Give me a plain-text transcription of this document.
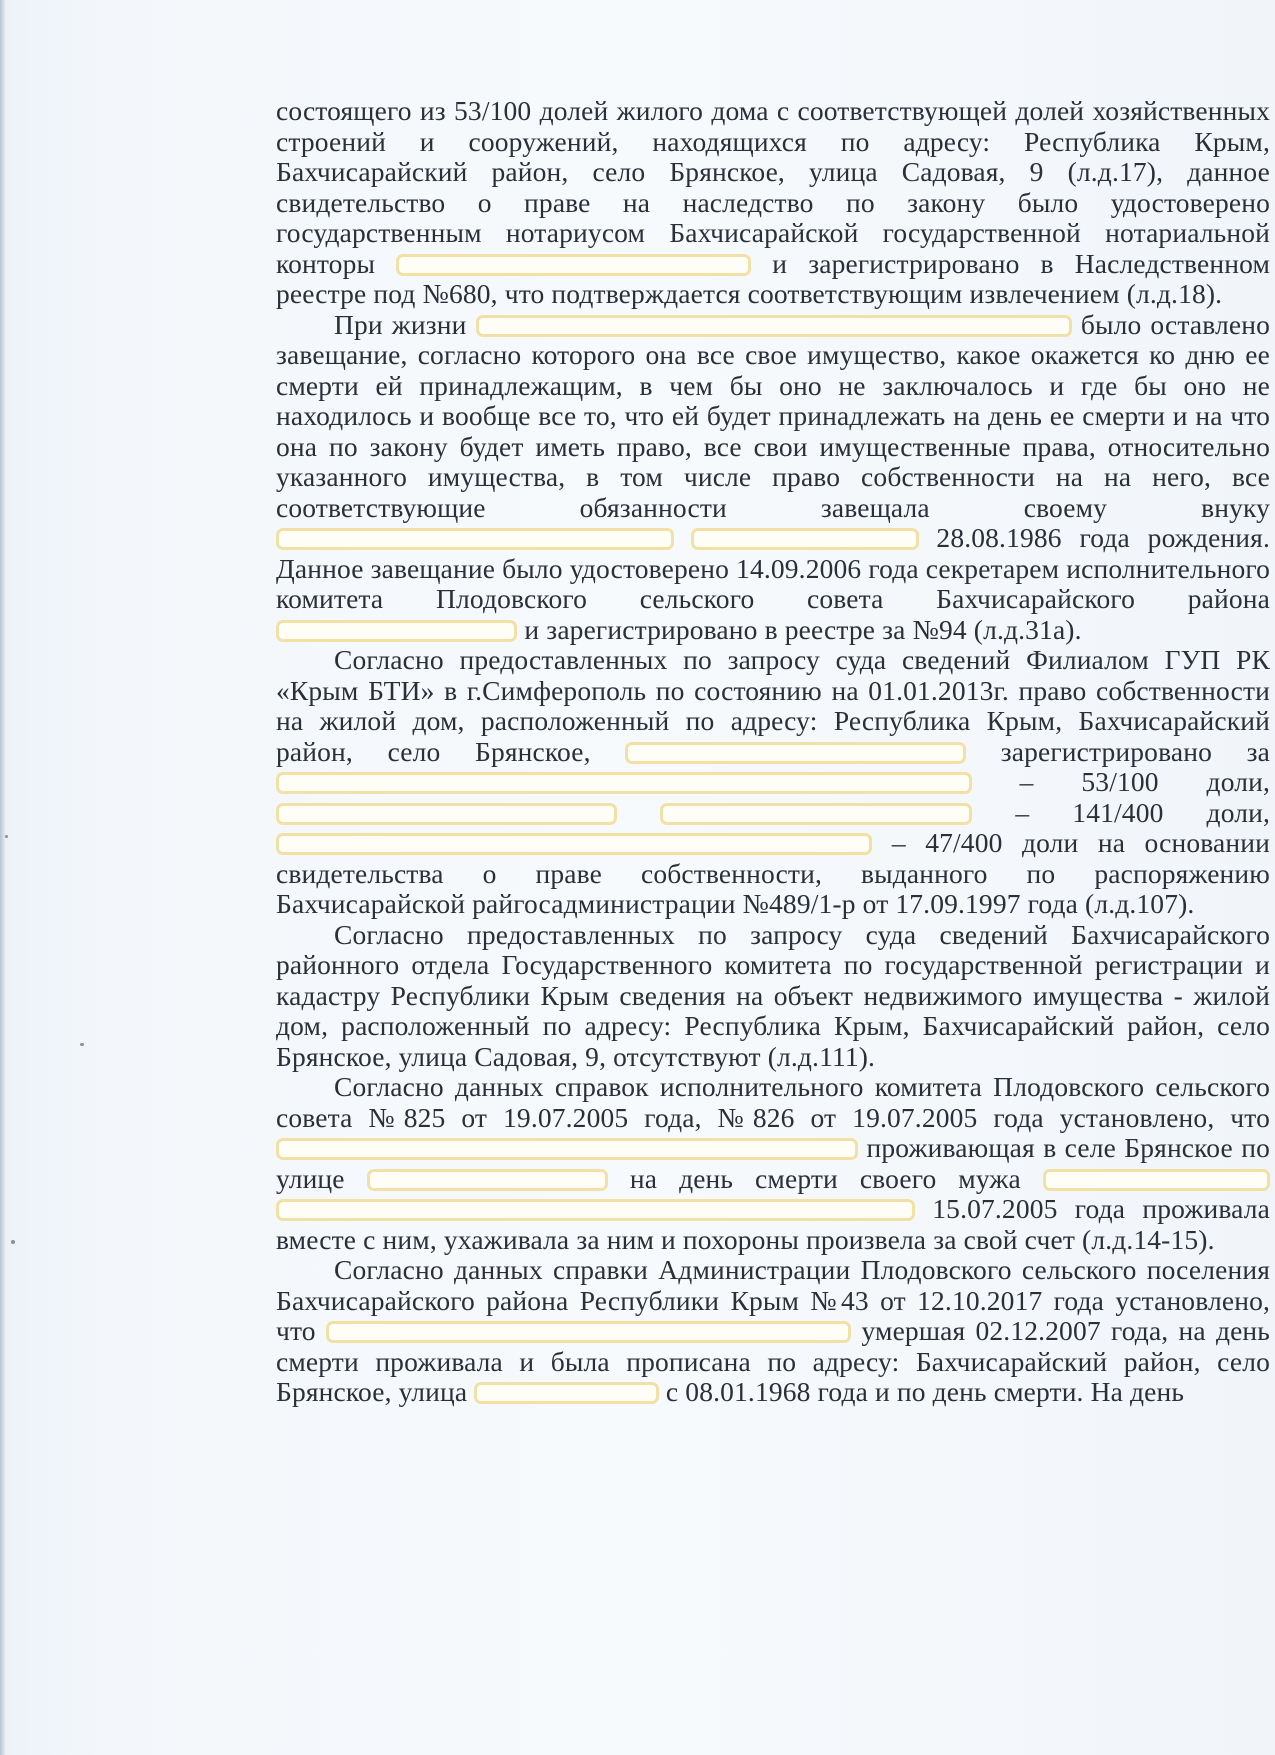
состоящего из 53/100 долей жилого дома с соответствующей долей хозяйственных строений и сооружений, находящихся по адресу: Республика Крым, Бахчисарайский район, село Брянское, улица Садовая, 9 (л.д.17), данное свидетельство о праве на наследство по закону было удостоверено государственным нотариусом Бахчисарайской государственной нотариальной конторы	и зарегистрировано в Наследственном реестре под №680, что подтверждается соответствующим извлечением (л.д.18).

При жизни	было оставлено завещание, согласно которого она все свое имущество, какое окажется ко дню ее смерти ей принадлежащим, в чем бы оно не заключалось и где бы оно не находилось и вообще все то, что ей будет принадлежать на день ее смерти и на что она по закону будет иметь право, все свои имущественные права, относительно указанного имущества, в том числе право собственности на на него, все соответствующие обязанности завещала своему внуку   28.08.1986 года рождения. Данное завещание было удостоверено 14.09.2006 года секретарем исполнительного комитета Плодовского сельского совета Бахчисарайского района  и зарегистрировано в реестре за №94 (л.д.31а).

Согласно предоставленных по запросу суда сведений Филиалом ГУП РК «Крым БТИ» в г.Симферополь по состоянию на 01.01.2013г. право собственности на жилой дом, расположенный по адресу: Республика Крым, Бахчисарайский район, село Брянское,	зарегистрировано за  – 53/100 доли,   – 141/400 доли,  – 47/400 доли на основании свидетельства о праве собственности, выданного по распоряжению Бахчисарайской райгосадминистрации №489/1-р от 17.09.1997 года (л.д.107).

Согласно предоставленных по запросу суда сведений Бахчисарайского районного отдела Государственного комитета по государственной регистрации и кадастру Республики Крым сведения на объект недвижимого имущества - жилой дом, расположенный по адресу: Республика Крым, Бахчисарайский район, село Брянское, улица Садовая, 9, отсутствуют (л.д.111).

Согласно данных справок исполнительного комитета Плодовского сельского совета №825 от 19.07.2005 года, №826 от 19.07.2005 года установлено, что  проживающая в селе Брянское по улице	на день смерти своего мужа   15.07.2005 года проживала вместе с ним, ухаживала за ним и похороны произвела за свой счет (л.д.14-15).

Согласно данных справки Администрации Плодовского сельского поселения Бахчисарайского района Республики Крым №43 от 12.10.2017 года установлено, что	умершая 02.12.2007 года, на день смерти проживала и была прописана по адресу: Бахчисарайский район, село Брянское, улица	с 08.01.1968 года и по день смерти. На день
